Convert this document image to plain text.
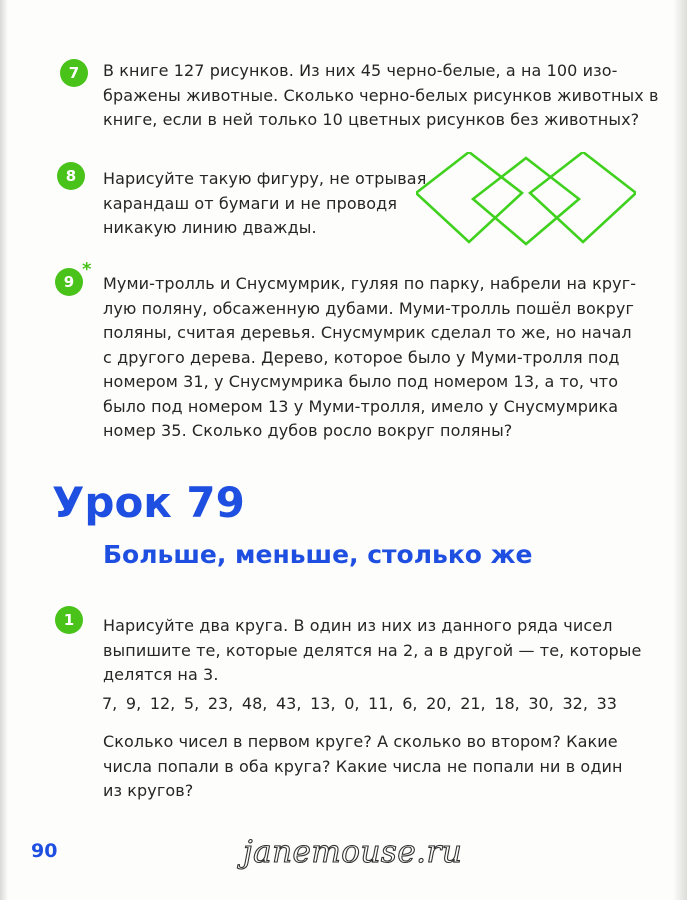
7 В книге 127 рисунков. Из них 45 черно-белые, а на 100 изо-
бражены животные. Сколько черно-белых рисунков животных в
книге, если в ней только 10 цветных рисунков без животных?
8 Нарисуйте такую фигуру, не отрывая
карандаш от бумаги и не проводя
никакую линию дважды.
9
*
Муми-тролль и Снусмумрик, гуляя по парку, набрели на круг-
лую поляну, обсаженную дубами. Муми-тролль пошёл вокруг
поляны, считая деревья. Снусмумрик сделал то же, но начал
с другого дерева. Дерево, которое было у Муми-тролля под
номером 31, у Снусмумрика было под номером 13, а то, что
было под номером 13 у Муми-тролля, имело у Снусмумрика
номер 35. Сколько дубов росло вокруг поляны?
Урок 79
Больше, меньше, столько же
1 Нарисуйте два круга. В один из них из данного ряда чисел
выпишите те, которые делятся на 2, а в другой — те, которые
делятся на 3.
7, 9, 12, 5, 23, 48, 43, 13, 0, 11, 6, 20, 21, 18, 30, 32, 33
Сколько чисел в первом круге? А сколько во втором? Какие
числа попали в оба круга? Какие числа не попали ни в один
из кругов?
90	janemouse.ru
